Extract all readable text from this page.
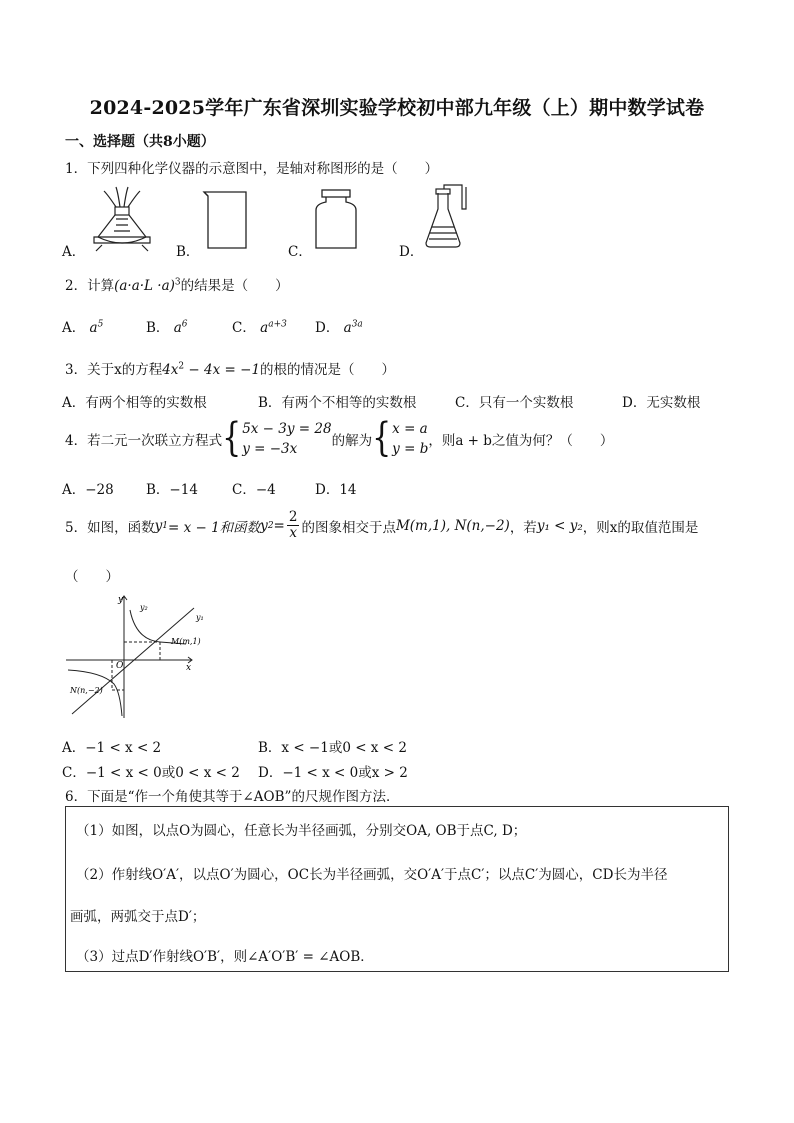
2024-2025学年广东省深圳实验学校初中部九年级（上）期中数学试卷
一、选择题（共8小题）
1．下列四种化学仪器的示意图中，是轴对称图形的是（　　）
A．	B．	C．	D．
2．计算$(a\cdot a\cdot L \cdot a)^3$的结果是（　　）
A． $a^5$	B． $a^6$	C． $a^{a+3}$ D． $a^{3a}$
3．关于x的方程$4x^2 - 4x = -1$的根的情况是（　　）
A．有两个相等的实数根	B．有两个不相等的实数根	C．只有一个实数根	D．无实数根
4．若二元一次联立方程式 { 5x − 3y = 28
y = −3x	的解为 { x = a
y = b ，则a + b之值为何？（　　）
A．−28 B．−14	C．−4	D．14
5．如图，函数 y 1 = x − 1和函数 y $2 = \frac{2}{x}$ 的图象相交于点 M(m,1), N(n,−2) ，若 y₁ < y₂ ，则x的取值范围是
（　　）
y
x
O
y₁
y₂
M(m,1)
N(n,−2)
A．−1 < x < 2	B．x < −1或0 < x < 2
C．−1 < x < 0或0 < x < 2 D．−1 < x < 0或x > 2
6．下面是“作一个角使其等于∠AOB”的尺规作图方法．
（1）如图，以点O为圆心，任意长为半径画弧，分别交OA, OB于点C, D；
（2）作射线O′A′，以点O′为圆心，OC长为半径画弧，交O′A′于点C′；以点C′为圆心，CD长为半径
画弧，两弧交于点D′；
（3）过点D′作射线O′B′，则∠A′O′B′ = ∠AOB．
